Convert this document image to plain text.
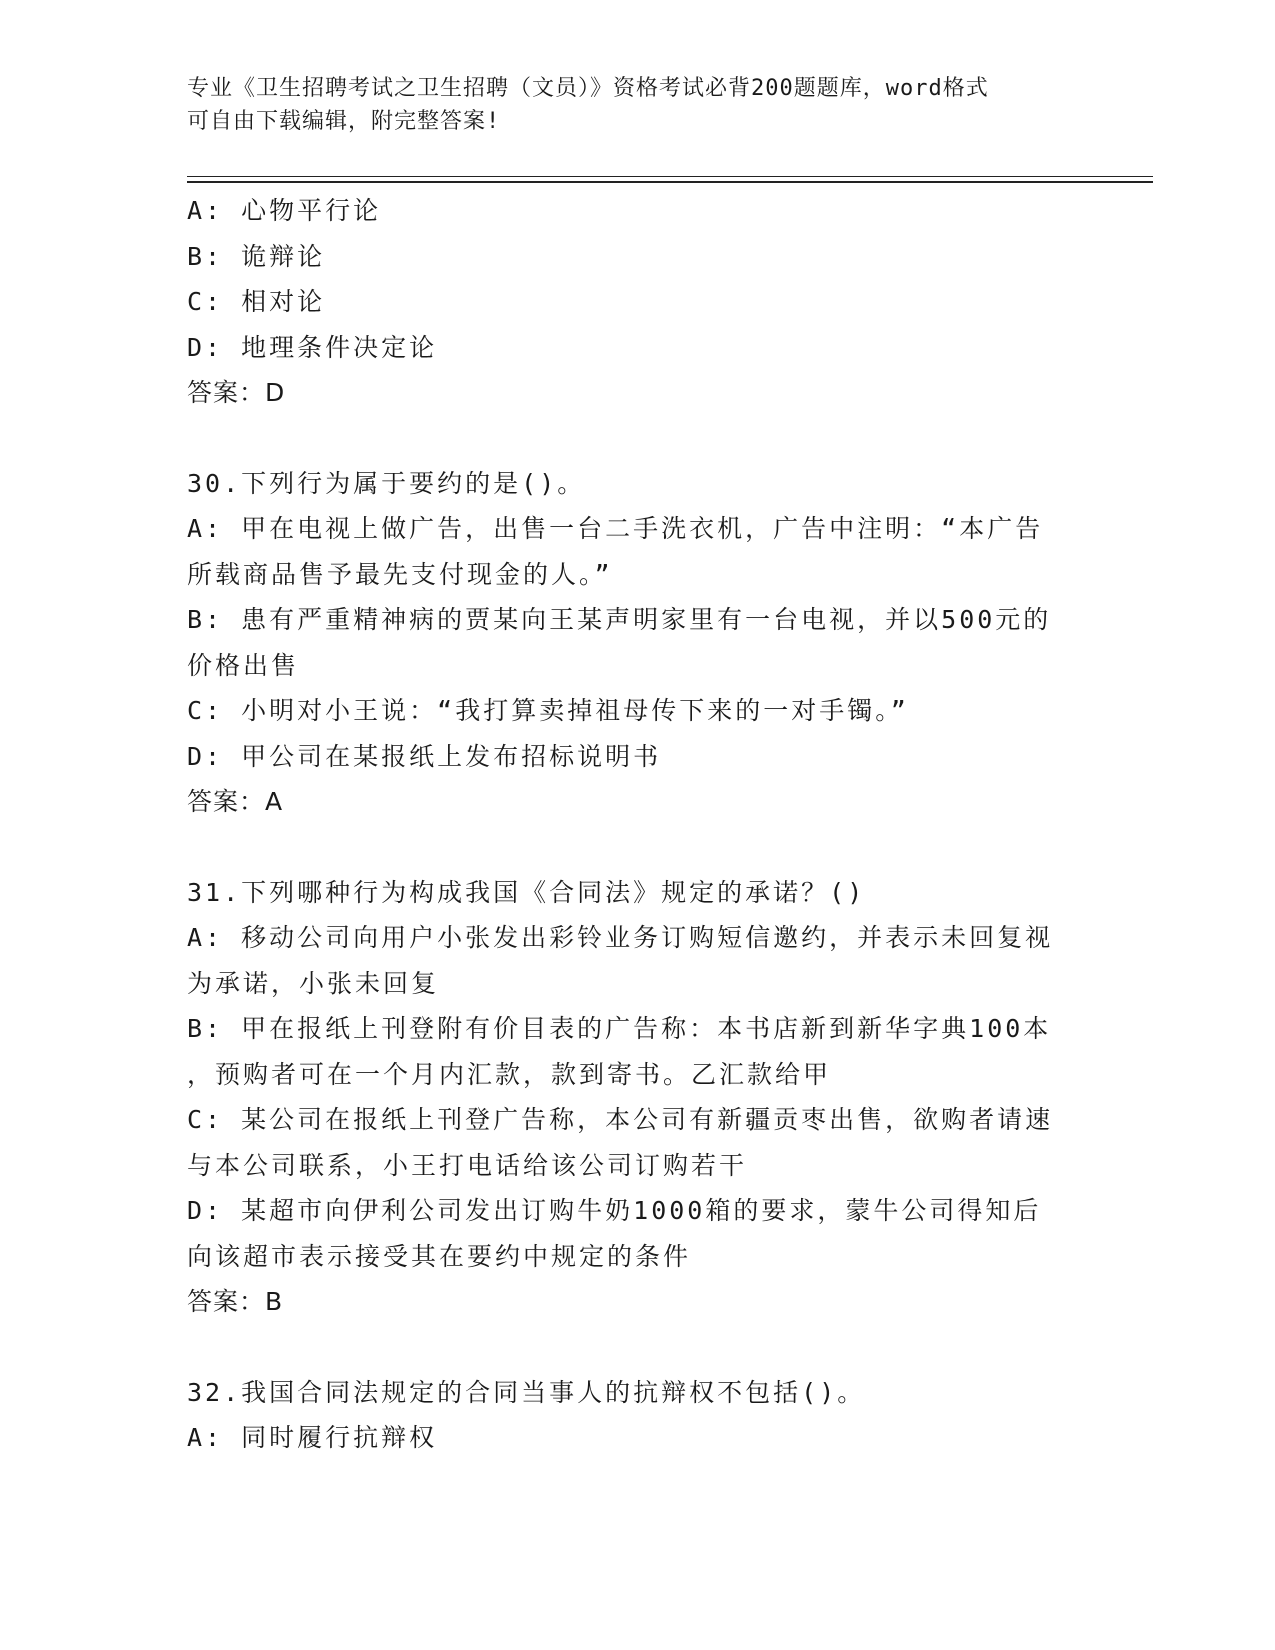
专业《卫生招聘考试之卫生招聘（文员）》资格考试必背200题题库，word格式
可自由下载编辑，附完整答案!

A: 心物平行论

B: 诡辩论

C: 相对论

D: 地理条件决定论

答案：D

30.下列行为属于要约的是()。

A: 甲在电视上做广告，出售一台二手洗衣机，广告中注明：“本广告

所载商品售予最先支付现金的人。”

B: 患有严重精神病的贾某向王某声明家里有一台电视，并以500元的

价格出售

C: 小明对小王说：“我打算卖掉祖母传下来的一对手镯。”

D: 甲公司在某报纸上发布招标说明书

答案：A

31.下列哪种行为构成我国《合同法》规定的承诺？()

A: 移动公司向用户小张发出彩铃业务订购短信邀约，并表示未回复视

为承诺，小张未回复

B: 甲在报纸上刊登附有价目表的广告称：本书店新到新华字典100本

，预购者可在一个月内汇款，款到寄书。乙汇款给甲

C: 某公司在报纸上刊登广告称，本公司有新疆贡枣出售，欲购者请速

与本公司联系，小王打电话给该公司订购若干

D: 某超市向伊利公司发出订购牛奶1000箱的要求，蒙牛公司得知后

向该超市表示接受其在要约中规定的条件

答案：B

32.我国合同法规定的合同当事人的抗辩权不包括()。

A: 同时履行抗辩权
